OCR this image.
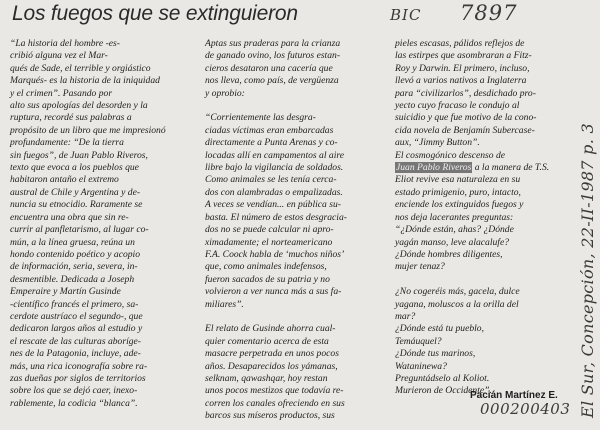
Los fuegos que se extinguieron	BIC 7897
El Sur, Concepción, 22-II-1987 p. 3

“La historia del hombre -es-

cribió alguna vez el Mar-

qués de Sade, el terrible y orgiástico

Marqués- es la historia de la iniquidad

y el crimen”. Pasando por

alto sus apologías del desorden y la

ruptura, recordé sus palabras a

propósito de un libro que me impresionó

profundamente: “De la tierra

sin fuegos”, de Juan Pablo Riveros,

texto que evoca a los pueblos que

habitaron antaño el extremo

austral de Chile y Argentina y de-

nuncia su etnocidio. Raramente se

encuentra una obra que sin re-

currir al panfletarismo, al lugar co-

mún, a la línea gruesa, reúna un

hondo contenido poético y acopio

de información, seria, severa, in-

desmentible. Dedicada a Joseph

Emperaire y Martín Gusinde

-científico francés el primero, sa-

cerdote austríaco el segundo-, que

dedicaron largos años al estudio y

el rescate de las culturas aboríge-

nes de la Patagonia, incluye, ade-

más, una rica iconografía sobre ra-

zas dueñas por siglos de territorios

sobre los que se dejó caer, inexo-

rablemente, la codicia “blanca”.

Aptas sus praderas para la crianza

de ganado ovino, los futuros estan-

cieros desataron una cacería que

nos lleva, como país, de vergüenza

y oprobio:

“Corrientemente las desgra-

ciadas víctimas eran embarcadas

directamente a Punta Arenas y co-

locadas allí en campamentos al aire

libre bajo la vigilancia de soldados.

Como animales se les tenía cerca-

dos con alambradas o empalizadas.

A veces se vendían... en pública su-

basta. El número de estos desgracia-

dos no se puede calcular ni apro-

ximadamente; el norteamericano

F.A. Coock habla de ‘muchos niños’

que, como animales indefensos,

fueron sacados de su patria y no

volvieron a ver nunca más a sus fa-

miliares”.

El relato de Gusinde ahorra cual-

quier comentario acerca de esta

masacre perpetrada en unos pocos

años. Desaparecidos los yámanas,

selknam, qawashqar, hoy restan

unos pocos mestizos que todavía re-

corren los canales ofreciendo en sus

barcos sus míseros productos, sus

pieles escasas, pálidos reflejos de

las estirpes que asombraran a Fitz-

Roy y Darwin. El primero, incluso,

llevó a varios nativos a Inglaterra

para “civilizarlos”, desdichado pro-

yecto cuyo fracaso le condujo al

suicidio y que fue motivo de la cono-

cida novela de Benjamín Subercase-

aux, “Jimmy Button”.

El cosmogónico descenso de

Juan Pablo Riveros a la manera de T.S.

Eliot revive esa naturaleza en su

estado primigenio, puro, intacto,

enciende los extinguidos fuegos y

nos deja lacerantes preguntas:

“¿Dónde están, ahas? ¿Dónde

yagán manso, leve alacalufe?

¿Dónde hombres diligentes,

mujer tenaz?

¿No cogeréis más, gacela, dulce

yagana, moluscos a la orilla del

mar?

¿Dónde está tu pueblo,

Temáuquel?

¿Dónde tus marinos,

Wataninewa?

Preguntádselo al Koliot.

Murieron de Occidente”.

Pacián Martínez E.
000200403
